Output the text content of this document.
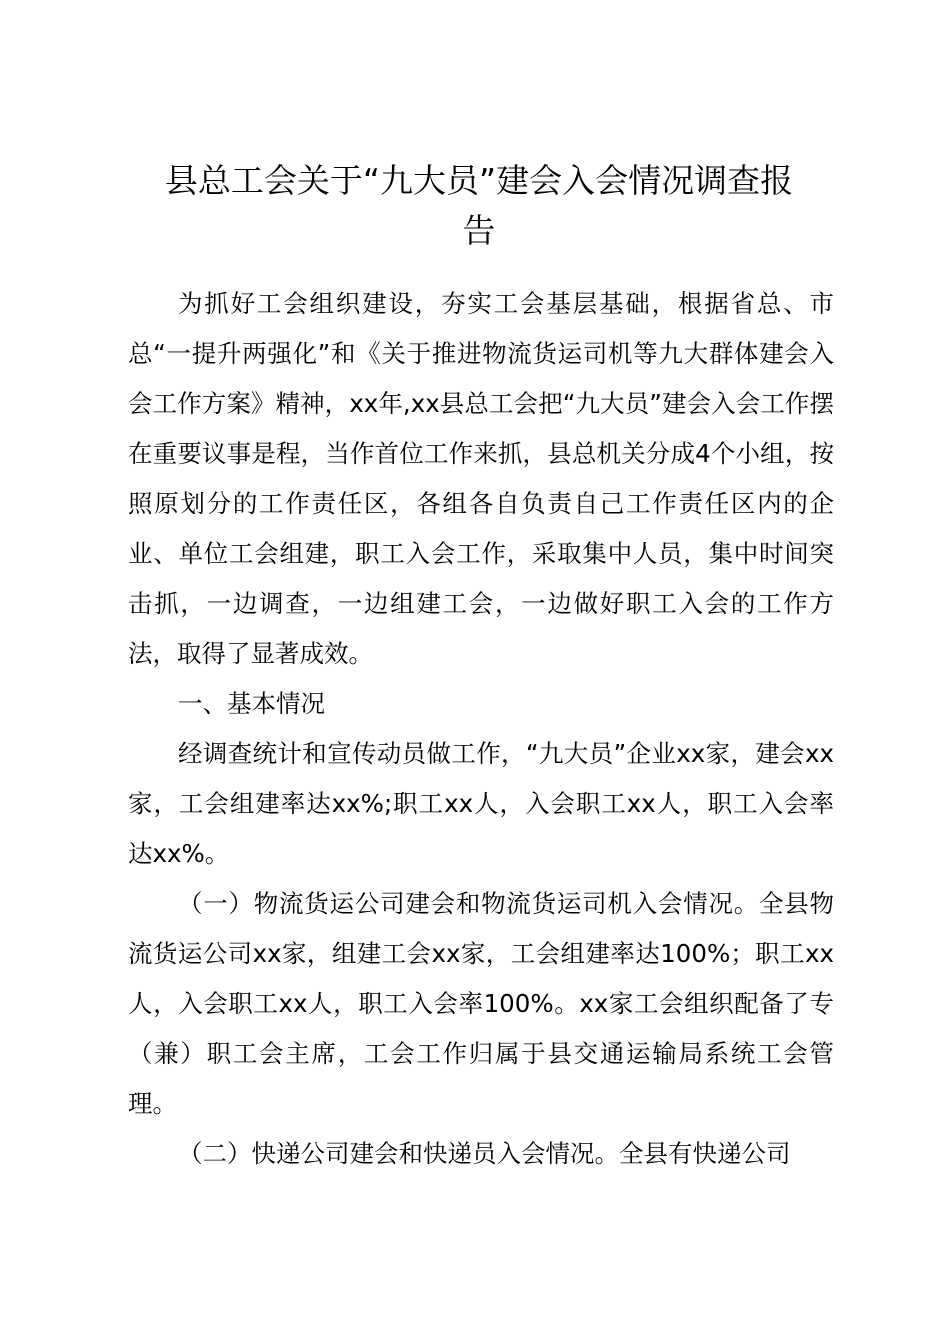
县总工会关于“九大员”建会入会情况调查报
告

为抓好工会组织建设，夯实工会基层基础，根据省总、市总“一提升两强化”和《关于推进物流货运司机等九大群体建会入会工作方案》精神，xx年,xx县总工会把“九大员”建会入会工作摆在重要议事是程，当作首位工作来抓，县总机关分成4个小组，按照原划分的工作责任区，各组各自负责自己工作责任区内的企业、单位工会组建，职工入会工作，采取集中人员，集中时间突击抓，一边调查，一边组建工会，一边做好职工入会的工作方法，取得了显著成效。

一、基本情况

经调查统计和宣传动员做工作，“九大员”企业xx家，建会xx家，工会组建率达xx%;职工xx人，入会职工xx人，职工入会率达xx%。

（一）物流货运公司建会和物流货运司机入会情况。全县物流货运公司xx家，组建工会xx家，工会组建率达100%；职工xx人，入会职工xx人，职工入会率100%。xx家工会组织配备了专（兼）职工会主席，工会工作归属于县交通运输局系统工会管理。

（二）快递公司建会和快递员入会情况。全县有快递公司
